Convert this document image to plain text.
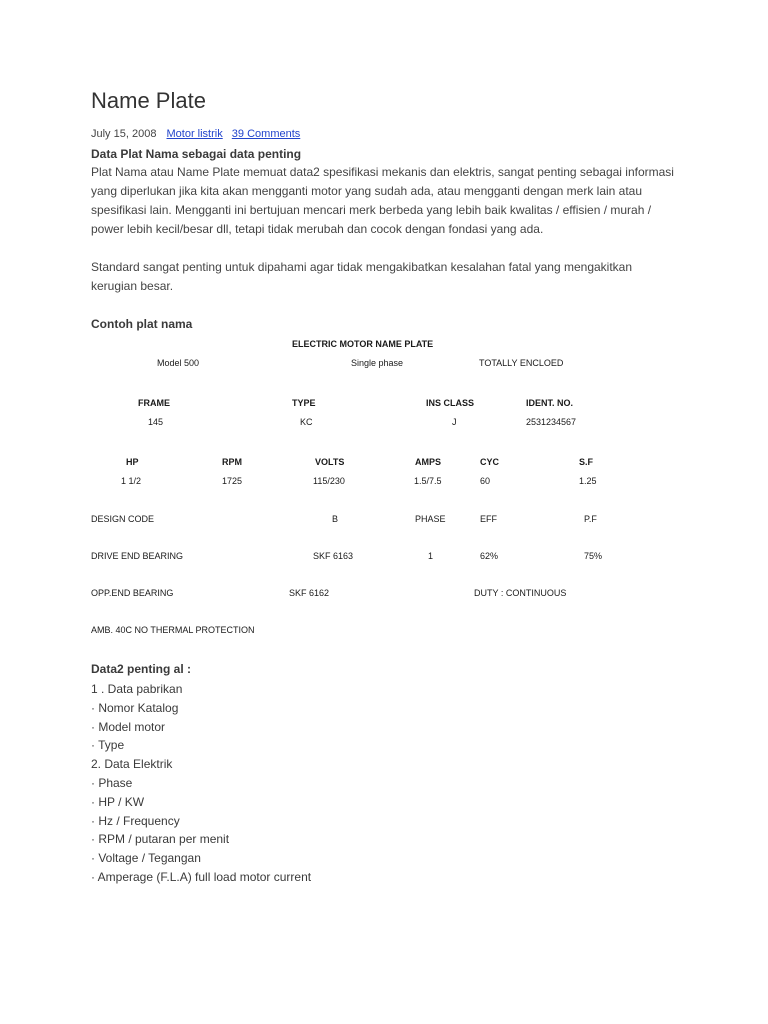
Name Plate
July 15, 2008 Motor listrik 39 Comments
Data Plat Nama sebagai data penting
Plat Nama atau Name Plate memuat data2 spesifikasi mekanis dan elektris, sangat penting sebagai informasi yang diperlukan jika kita akan mengganti motor yang sudah ada, atau mengganti dengan merk lain atau spesifikasi lain. Mengganti ini bertujuan mencari merk berbeda yang lebih baik kwalitas / effisien / murah / power lebih kecil/besar dll, tetapi tidak merubah dan cocok dengan fondasi yang ada.
Standard sangat penting untuk dipahami agar tidak mengakibatkan kesalahan fatal yang mengakitkan kerugian besar.
Contoh plat nama
ELECTRIC MOTOR NAME PLATE
Model 500	Single phase	TOTALLY ENCLOED
FRAME	TYPE	INS CLASS	IDENT. NO.
145	KC	J	2531234567
HP	RPM	VOLTS	AMPS	CYC	S.F
1 1/2	1725	115/230	1.5/7.5	60	1.25
DESIGN CODE	B	PHASE	EFF	P.F
DRIVE END BEARING	SKF 6163	1	62%	75%
OPP.END BEARING	SKF 6162	DUTY : CONTINUOUS
AMB. 40C NO THERMAL PROTECTION
Data2 penting al :
1 . Data pabrikan
· Nomor Katalog
· Model motor
· Type
2. Data Elektrik
· Phase
· HP / KW
· Hz / Frequency
· RPM / putaran per menit
· Voltage / Tegangan
· Amperage (F.L.A) full load motor current
